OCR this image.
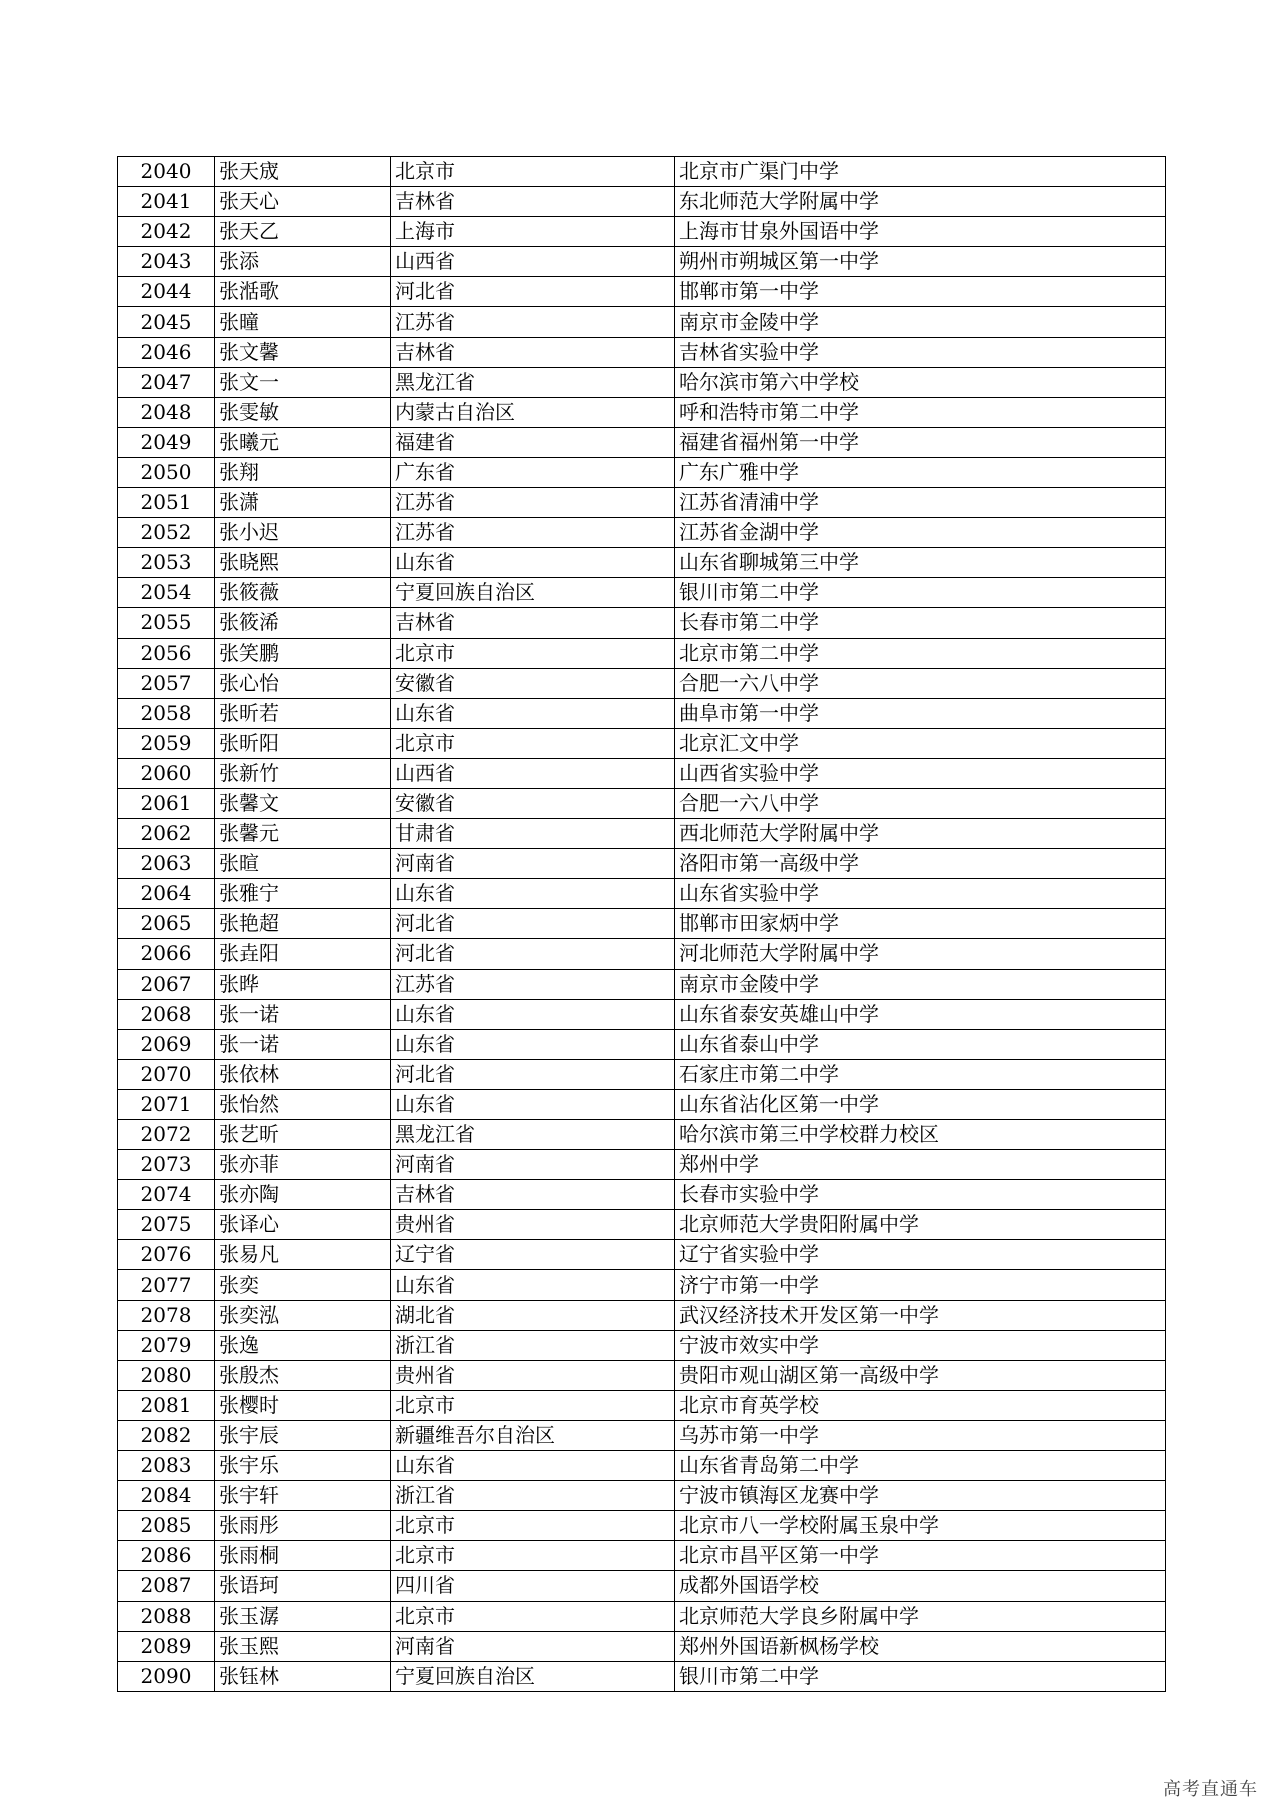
2040	张天宬	北京市	北京市广渠门中学
2041	张天心	吉林省	东北师范大学附属中学
2042	张天乙	上海市	上海市甘泉外国语中学
2043	张添	山西省	朔州市朔城区第一中学
2044	张湉歌	河北省	邯郸市第一中学
2045	张曈	江苏省	南京市金陵中学
2046	张文馨	吉林省	吉林省实验中学
2047	张文一	黑龙江省	哈尔滨市第六中学校
2048	张雯敏	内蒙古自治区	呼和浩特市第二中学
2049	张曦元	福建省	福建省福州第一中学
2050	张翔	广东省	广东广雅中学
2051	张潇	江苏省	江苏省清浦中学
2052	张小迟	江苏省	江苏省金湖中学
2053	张晓熙	山东省	山东省聊城第三中学
2054	张筱薇	宁夏回族自治区	银川市第二中学
2055	张筱浠	吉林省	长春市第二中学
2056	张笑鹏	北京市	北京市第二中学
2057	张心怡	安徽省	合肥一六八中学
2058	张昕若	山东省	曲阜市第一中学
2059	张昕阳	北京市	北京汇文中学
2060	张新竹	山西省	山西省实验中学
2061	张馨文	安徽省	合肥一六八中学
2062	张馨元	甘肃省	西北师范大学附属中学
2063	张暄	河南省	洛阳市第一高级中学
2064	张雅宁	山东省	山东省实验中学
2065	张艳超	河北省	邯郸市田家炳中学
2066	张垚阳	河北省	河北师范大学附属中学
2067	张晔	江苏省	南京市金陵中学
2068	张一诺	山东省	山东省泰安英雄山中学
2069	张一诺	山东省	山东省泰山中学
2070	张依林	河北省	石家庄市第二中学
2071	张怡然	山东省	山东省沾化区第一中学
2072	张艺昕	黑龙江省	哈尔滨市第三中学校群力校区
2073	张亦菲	河南省	郑州中学
2074	张亦陶	吉林省	长春市实验中学
2075	张译心	贵州省	北京师范大学贵阳附属中学
2076	张易凡	辽宁省	辽宁省实验中学
2077	张奕	山东省	济宁市第一中学
2078	张奕泓	湖北省	武汉经济技术开发区第一中学
2079	张逸	浙江省	宁波市效实中学
2080	张殷杰	贵州省	贵阳市观山湖区第一高级中学
2081	张樱时	北京市	北京市育英学校
2082	张宇辰	新疆维吾尔自治区	乌苏市第一中学
2083	张宇乐	山东省	山东省青岛第二中学
2084	张宇轩	浙江省	宁波市镇海区龙赛中学
2085	张雨彤	北京市	北京市八一学校附属玉泉中学
2086	张雨桐	北京市	北京市昌平区第一中学
2087	张语珂	四川省	成都外国语学校
2088	张玉潺	北京市	北京师范大学良乡附属中学
2089	张玉熙	河南省	郑州外国语新枫杨学校
2090	张钰林	宁夏回族自治区	银川市第二中学
高考直通车
